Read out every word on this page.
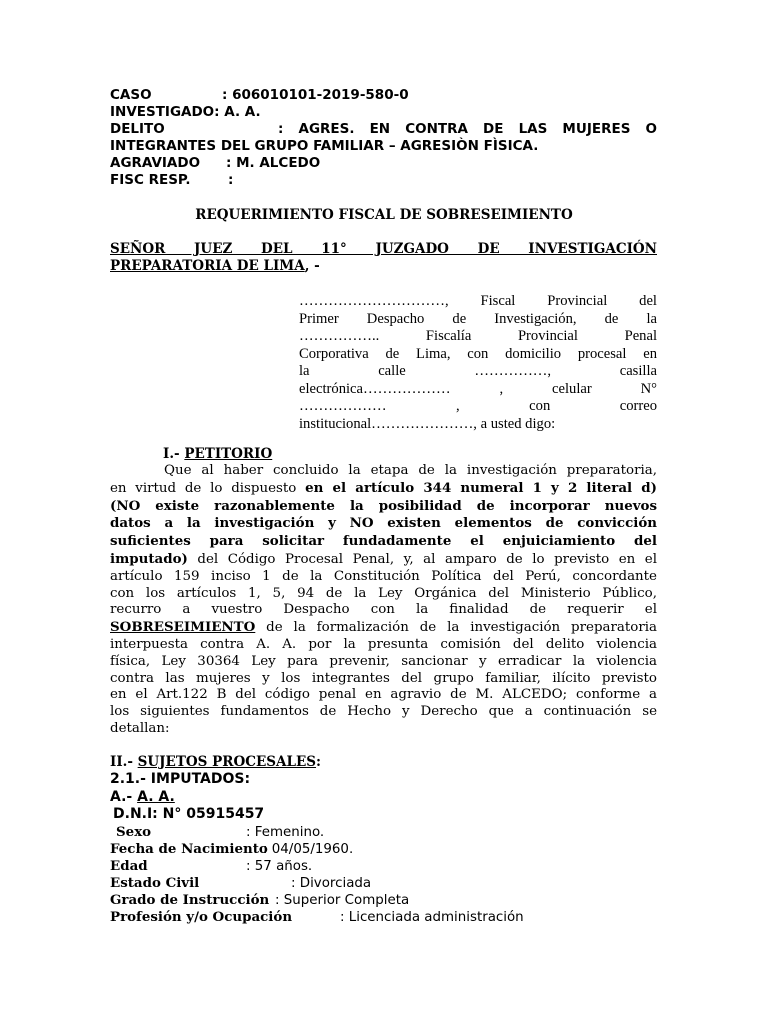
CASO	: 606010101-2019-580-0
INVESTIGADO: A. A.
DELITO	: AGRES. EN CONTRA DE LAS MUJERES O
INTEGRANTES DEL GRUPO FAMILIAR – AGRESIÒN FÌSICA.
AGRAVIADO : M. ALCEDO
FISC RESP.	:
REQUERIMIENTO FISCAL DE SOBRESEIMIENTO
SEÑOR JUEZ DEL 11° JUZGADO DE INVESTIGACIÓN
PREPARATORIA DE LIMA, -
…………………………, Fiscal Provincial del
Primer Despacho de Investigación, de la
…………….. Fiscalía Provincial Penal
Corporativa de Lima, con domicilio procesal en
la calle ……………, casilla
electrónica……………… , celular N°
……………… , con correo
institucional…………………, a usted digo:
I.- PETITORIO
Que al haber concluido la etapa de la investigación preparatoria,
en virtud de lo dispuesto en el artículo 344 numeral 1 y 2 literal d)
(NO existe razonablemente la posibilidad de incorporar nuevos
datos a la investigación y NO existen elementos de convicción
suficientes para solicitar fundadamente el enjuiciamiento del
imputado) del Código Procesal Penal, y, al amparo de lo previsto en el
artículo 159 inciso 1 de la Constitución Política del Perú, concordante
con los artículos 1, 5, 94 de la Ley Orgánica del Ministerio Público,
recurro a vuestro Despacho con la finalidad de requerir el
SOBRESEIMIENTO de la formalización de la investigación preparatoria
interpuesta contra A. A. por la presunta comisión del delito violencia
física, Ley 30364 Ley para prevenir, sancionar y erradicar la violencia
contra las mujeres y los integrantes del grupo familiar, ilícito previsto
en el Art.122 B del código penal en agravio de M. ALCEDO; conforme a
los siguientes fundamentos de Hecho y Derecho que a continuación se
detallan:
II.- SUJETOS PROCESALES:
2.1.- IMPUTADOS:
A.- A. A.
D.N.I: N° 05915457
Sexo	: Femenino.
Fecha de Nacimiento: 04/05/1960.
Edad	: 57 años.
Estado Civil	: Divorciada
Grado de Instrucción : Superior Completa
Profesión y/o Ocupación	: Licenciada administración
